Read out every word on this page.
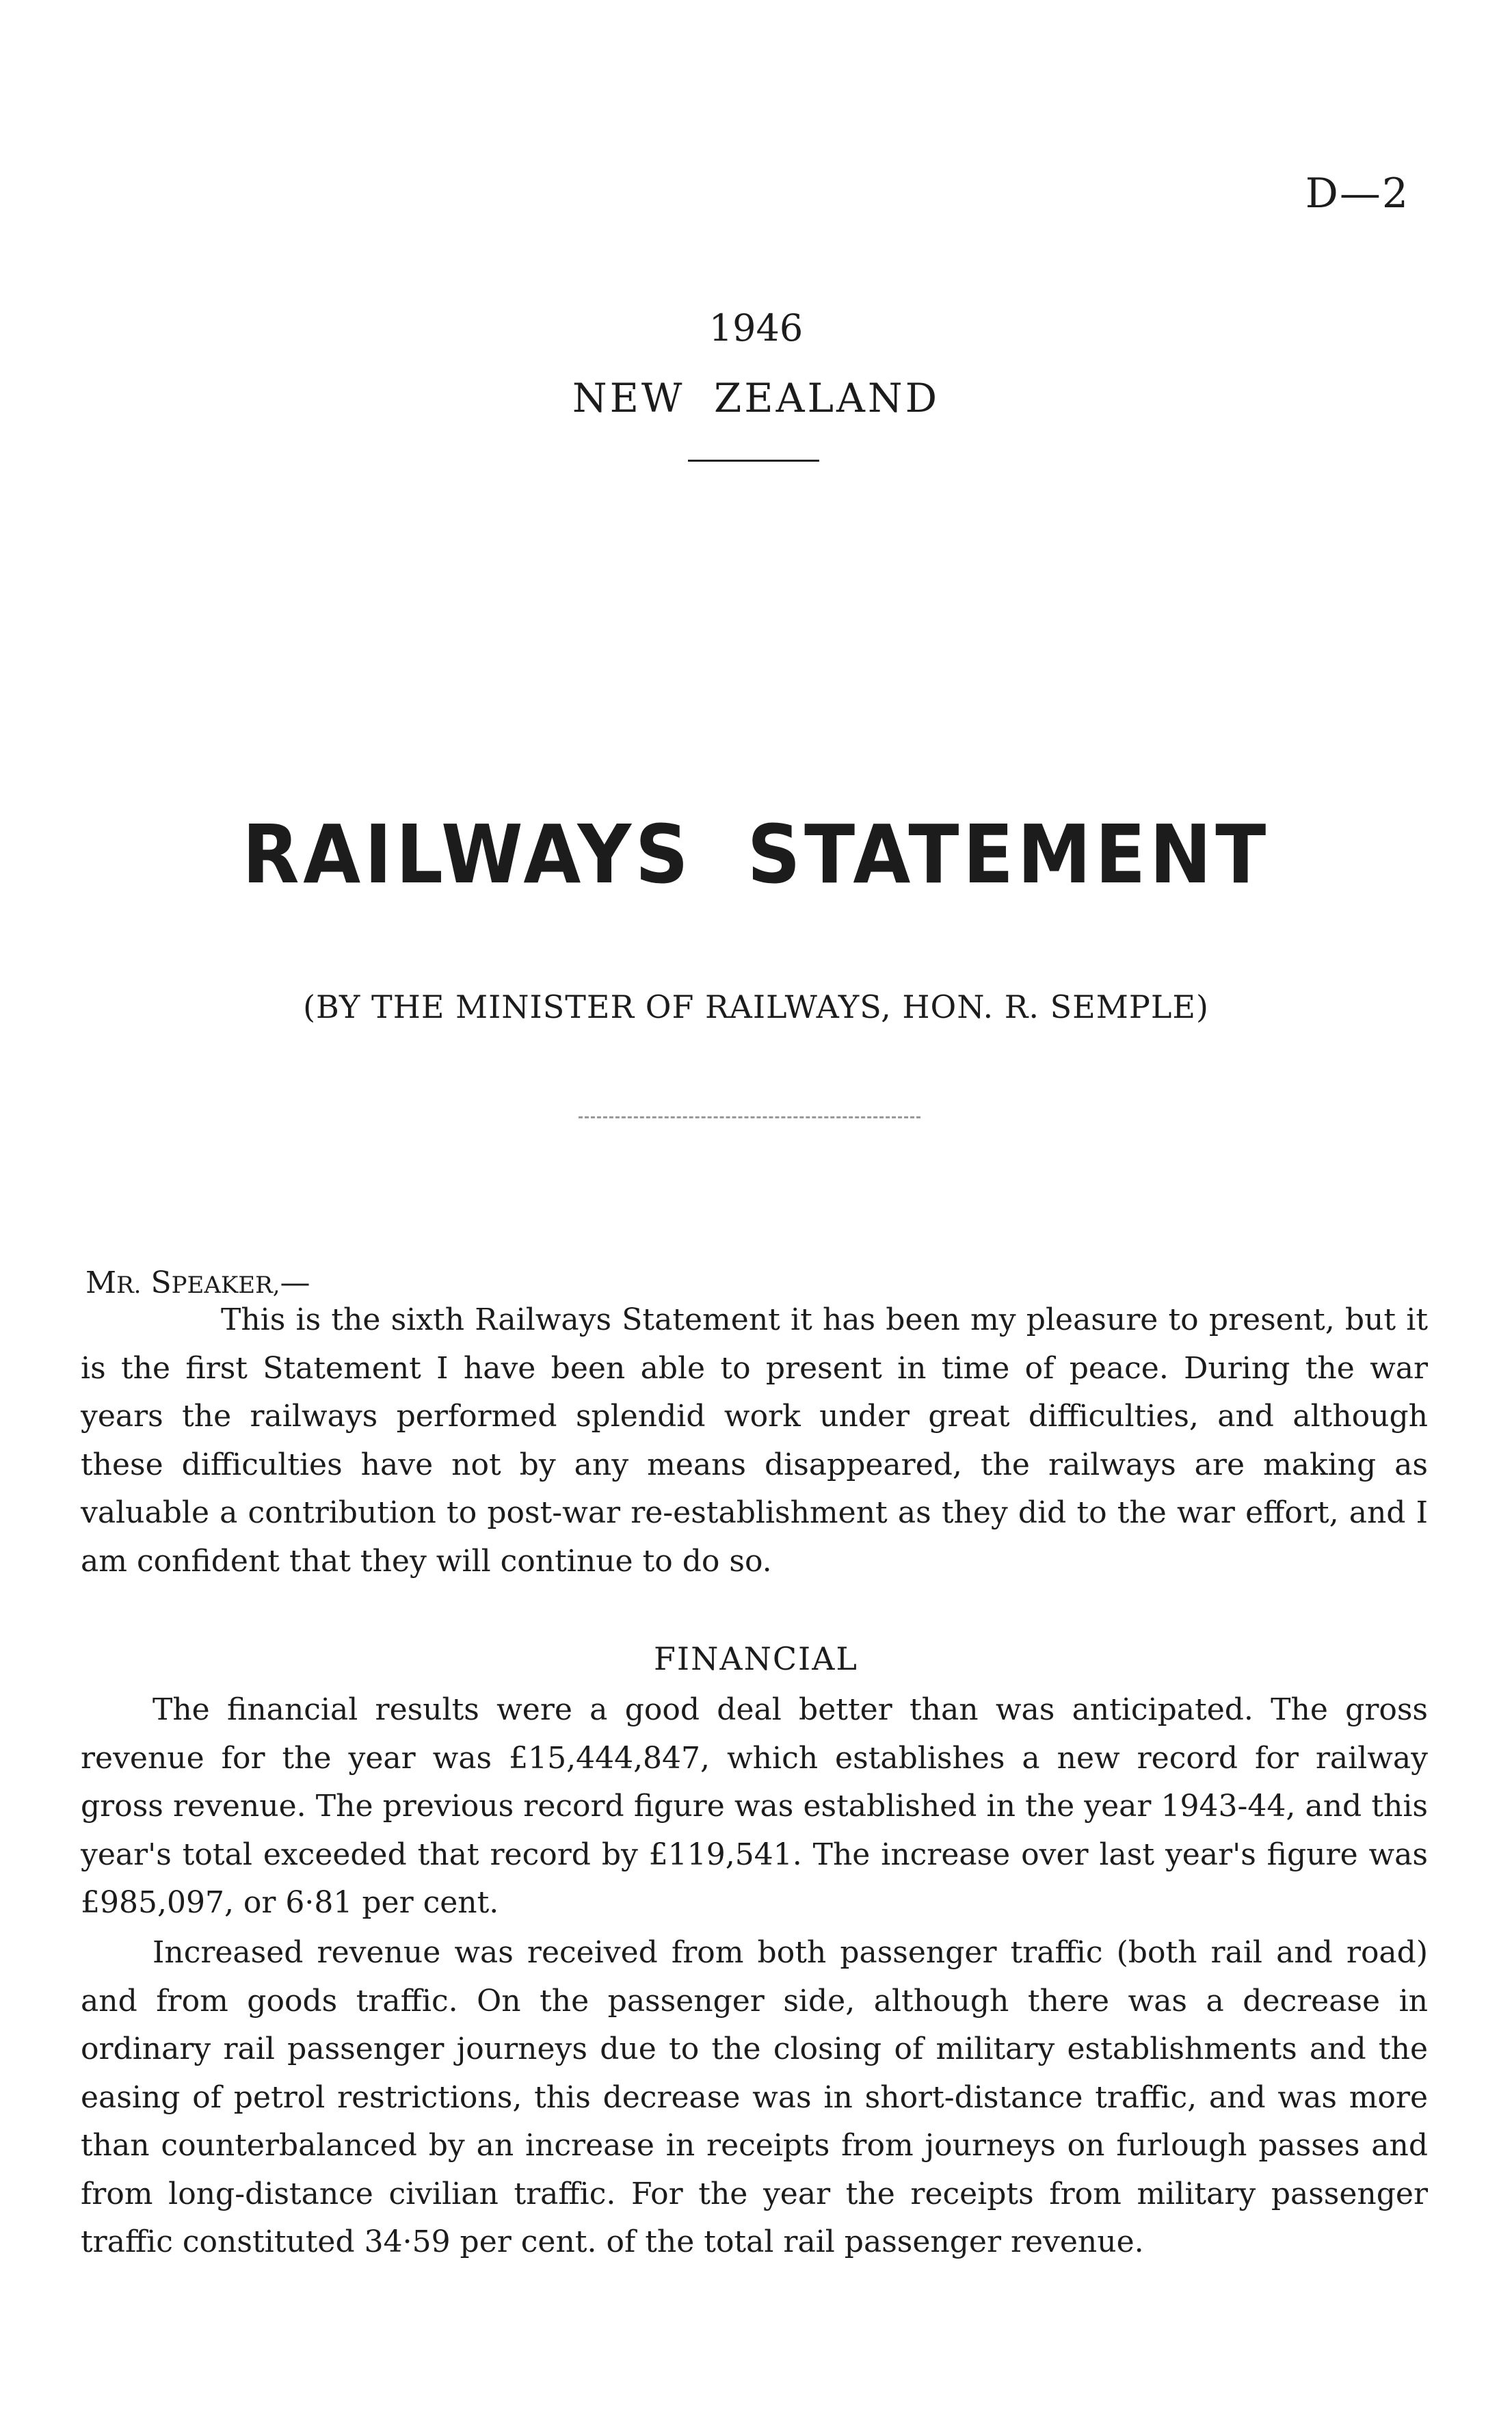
D—2
1946
NEW ZEALAND
RAILWAYS STATEMENT
(BY THE MINISTER OF RAILWAYS, HON. R. SEMPLE)
MR. SPEAKER,—

This is the sixth Railways Statement it has been my pleasure to present, but it is the first Statement I have been able to present in time of peace. During the war years the railways performed splendid work under great difficulties, and although these difficulties have not by any means disappeared, the railways are making as valuable a contribution to post-war re-establishment as they did to the war effort, and I am confident that they will continue to do so.

FINANCIAL

The financial results were a good deal better than was anticipated. The gross revenue for the year was £15,444,847, which establishes a new record for railway gross revenue. The previous record figure was established in the year 1943-44, and this year's total exceeded that record by £119,541. The increase over last year's figure was £985,097, or 6·81 per cent.

Increased revenue was received from both passenger traffic (both rail and road) and from goods traffic. On the passenger side, although there was a decrease in ordinary rail passenger journeys due to the closing of military establishments and the easing of petrol restrictions, this decrease was in short-distance traffic, and was more than counterbalanced by an increase in receipts from journeys on furlough passes and from long-distance civilian traffic. For the year the receipts from military passenger traffic constituted 34·59 per cent. of the total rail passenger revenue.
